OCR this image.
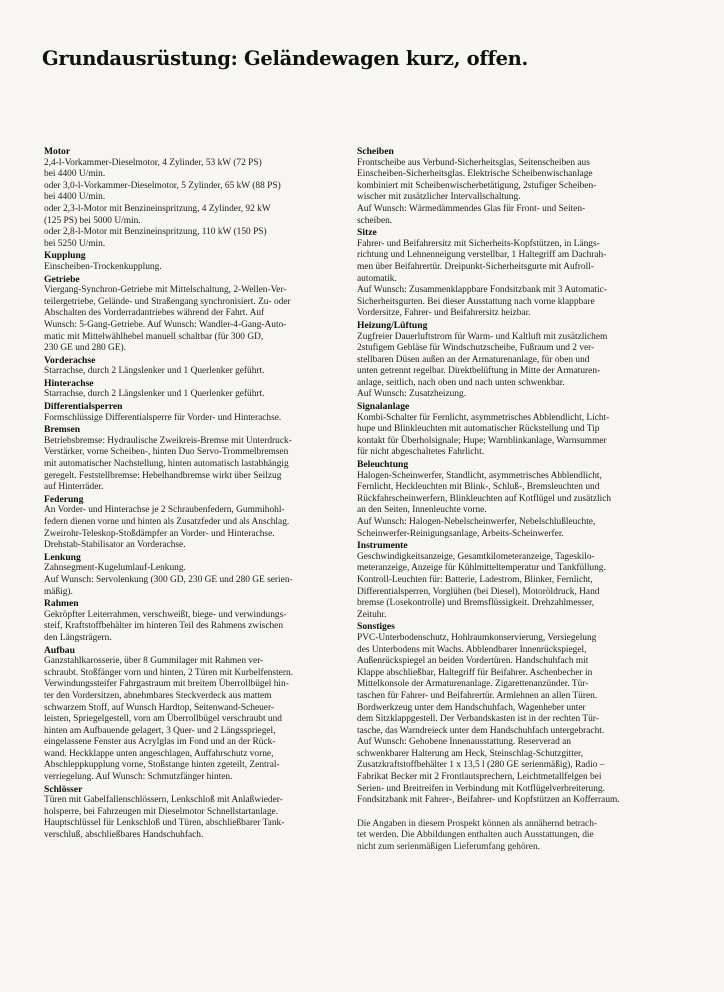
Grundausrüstung: Geländewagen kurz, offen.
Motor
2,4-l-Vorkammer-Dieselmotor, 4 Zylinder, 53 kW (72 PS)
bei 4400 U/min.
oder 3,0-l-Vorkammer-Dieselmotor, 5 Zylinder, 65 kW (88 PS)
bei 4400 U/min.
oder 2,3-l-Motor mit Benzineinspritzung, 4 Zylinder, 92 kW
(125 PS) bei 5000 U/min.
oder 2,8-l-Motor mit Benzineinspritzung, 110 kW (150 PS)
bei 5250 U/min.
Kupplung
Einscheiben-Trockenkupplung.
Getriebe
Viergang-Synchron-Getriebe mit Mittelschaltung, 2-Wellen-Ver-
teilergetriebe, Gelände- und Straßengang synchronisiert. Zu- oder
Abschalten des Vorderradantriebes während der Fahrt. Auf
Wunsch: 5-Gang-Getriebe. Auf Wunsch: Wandler-4-Gang-Auto-
matic mit Mittelwählhebel manuell schaltbar (für 300 GD,
230 GE und 280 GE).
Vorderachse
Starrachse, durch 2 Längslenker und 1 Querlenker geführt.
Hinterachse
Starrachse, durch 2 Längslenker und 1 Querlenker geführt.
Differentialsperren
Formschlüssige Differentialsperre für Vorder- und Hinterachse.
Bremsen
Betriebsbremse: Hydraulische Zweikreis-Bremse mit Unterdruck-
Verstärker, vorne Scheiben-, hinten Duo Servo-Trommelbremsen
mit automatischer Nachstellung, hinten automatisch lastabhängig
geregelt. Feststellbremse: Hebelhandbremse wirkt über Seilzug
auf Hinterräder.
Federung
An Vorder- und Hinterachse je 2 Schraubenfedern, Gummihohl-
federn dienen vorne und hinten als Zusatzfeder und als Anschlag.
Zweirohr-Teleskop-Stoßdämpfer an Vorder- und Hinterachse.
Drehstab-Stabilisator an Vorderachse.
Lenkung
Zahnsegment-Kugelumlauf-Lenkung.
Auf Wunsch: Servolenkung (300 GD, 230 GE und 280 GE serien-
mäßig).
Rahmen
Gekröpfter Leiterrahmen, verschweißt, biege- und verwindungs-
steif, Kraftstoffbehälter im hinteren Teil des Rahmens zwischen
den Längsträgern.
Aufbau
Ganzstahlkarosserie, über 8 Gummilager mit Rahmen ver-
schraubt. Stoßfänger vorn und hinten, 2 Türen mit Kurbelfenstern.
Verwindungssteifer Fahrgastraum mit breitem Überrollbügel hin-
ter den Vordersitzen, abnehmbares Steckverdeck aus mattem
schwarzem Stoff, auf Wunsch Hardtop, Seitenwand-Scheuer-
leisten, Spriegelgestell, vorn am Überrollbügel verschraubt und
hinten am Aufbauende gelagert, 3 Quer- und 2 Längsspriegel,
eingelassene Fenster aus Acrylglas im Fond und an der Rück-
wand. Heckklappe unten angeschlagen, Auffahrschutz vorne,
Abschleppkupplung vorne, Stoßstange hinten zgeteilt, Zentral-
verriegelung. Auf Wunsch: Schmutzfänger hinten.
Schlösser
Türen mit Gabelfallenschlössern, Lenkschloß mit Anlaßwieder-
holsperre, bei Fahrzeugen mit Dieselmotor Schnellstartanlage.
Hauptschlüssel für Lenkschloß und Türen, abschließbarer Tank-
verschluß, abschließbares Handschuhfach.
Scheiben
Frontscheibe aus Verbund-Sicherheitsglas, Seitenscheiben aus
Einscheiben-Sicherheitsglas. Elektrische Scheibenwischanlage
kombiniert mit Scheibenwischerbetätigung, 2stufiger Scheiben-
wischer mit zusätzlicher Intervallschaltung.
Auf Wunsch: Wärmedämmendes Glas für Front- und Seiten-
scheiben.
Sitze
Fahrer- und Beifahrersitz mit Sicherheits-Kopfstützen, in Längs-
richtung und Lehnenneigung verstellbar, 1 Haltegriff am Dachrah-
men über Beifahrertür. Dreipunkt-Sicherheitsgurte mit Aufroll-
automatik.
Auf Wunsch: Zusammenklappbare Fondsitzbank mit 3 Automatic-
Sicherheitsgurten. Bei dieser Ausstattung nach vorne klappbare
Vordersitze, Fahrer- und Beifahrersitz heizbar.
Heizung/Lüftung
Zugfreier Dauerluftstrom für Warm- und Kaltluft mit zusätzlichem
2stufigem Gebläse für Windschutzscheibe, Fußraum und 2 ver-
stellbaren Düsen außen an der Armaturenanlage, für oben und
unten getrennt regelbar. Direktbelüftung in Mitte der Armaturen-
anlage, seitlich, nach oben und nach unten schwenkbar.
Auf Wunsch: Zusatzheizung.
Signalanlage
Kombi-Schalter für Fernlicht, asymmetrisches Abblendlicht, Licht-
hupe und Blinkleuchten mit automatischer Rückstellung und Tip
kontakt für Überholsignale; Hupe; Warnblinkanlage, Warnsummer
für nicht abgeschaltetes Fahrlicht.
Beleuchtung
Halogen-Scheinwerfer, Standlicht, asymmetrisches Abblendlicht,
Fernlicht, Heckleuchten mit Blink-, Schluß-, Bremsleuchten und
Rückfahrscheinwerfern, Blinkleuchten auf Kotflügel und zusätzlich
an den Seiten, Innenleuchte vorne.
Auf Wunsch: Halogen-Nebelscheinwerfer, Nebelschlußleuchte,
Scheinwerfer-Reinigungsanlage, Arbeits-Scheinwerfer.
Instrumente
Geschwindigkeitsanzeige, Gesamtkilometeranzeige, Tageskilo-
meteranzeige, Anzeige für Kühlmitteltemperatur und Tankfüllung.
Kontroll-Leuchten für: Batterie, Ladestrom, Blinker, Fernlicht,
Differentialsperren, Vorglühen (bei Diesel), Motoröldruck, Hand
bremse (Losekontrolle) und Bremsflüssigkeit. Drehzahlmesser,
Zeituhr.
Sonstiges
PVC-Unterbodenschutz, Hohlraumkonservierung, Versiegelung
des Unterbodens mit Wachs. Abblendbarer Innenrückspiegel,
Außenrückspiegel an beiden Vordertüren. Handschuhfach mit
Klappe abschließbar, Haltegriff für Beifahrer. Aschenbecher in
Mittelkonsole der Armaturenanlage. Zigarettenanzünder. Tür-
taschen für Fahrer- und Beifahrertür. Armlehnen an allen Türen.
Bordwerkzeug unter dem Handschuhfach, Wagenheber unter
dem Sitzklappgestell. Der Verbandskasten ist in der rechten Tür-
tasche, das Warndreieck unter dem Handschuhfach untergebracht.
Auf Wunsch: Gehobene Innenausstattung. Reserverad an
schwenkbarer Halterung am Heck, Steinschlag-Schutzgitter,
Zusatzkraftstoffbehälter 1 x 13,5 l (280 GE serienmäßig), Radio –
Fabrikat Becker mit 2 Frontlautsprechern, Leichtmetallfelgen bei
Serien- und Breitreifen in Verbindung mit Kotflügelverbreiterung.
Fondsitzbank mit Fahrer-, Beifahrer- und Kopfstützen an Kofferraum.
Die Angaben in diesem Prospekt können als annähernd betrach-
tet werden. Die Abbildungen enthalten auch Ausstattungen, die
nicht zum serienmäßigen Lieferumfang gehören.
